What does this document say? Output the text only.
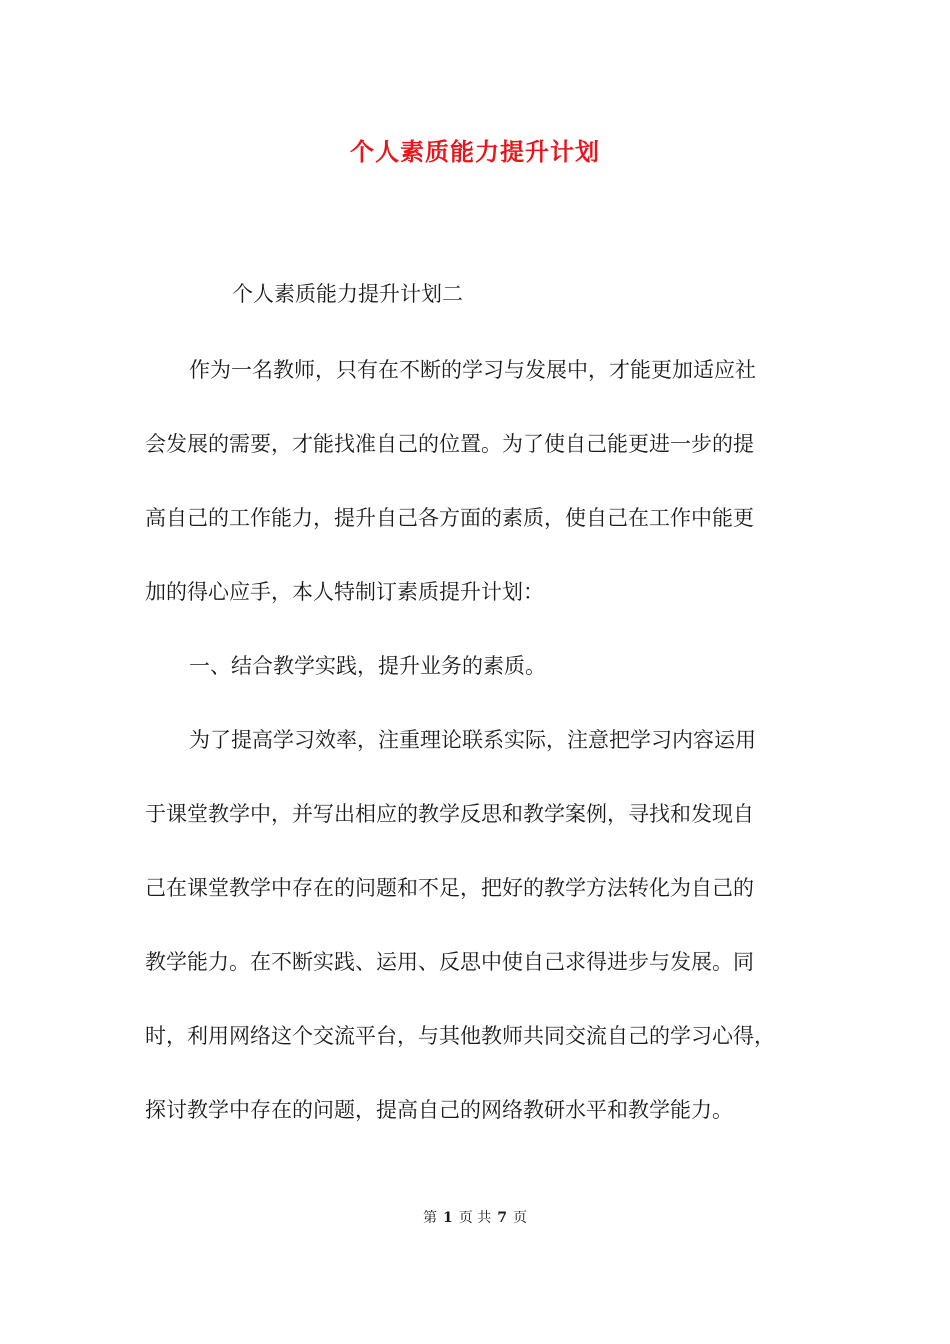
个人素质能力提升计划
个人素质能力提升计划二
作为一名教师，只有在不断的学习与发展中，才能更加适应社
会发展的需要，才能找准自己的位置。为了使自己能更进一步的提
高自己的工作能力，提升自己各方面的素质，使自己在工作中能更
加的得心应手，本人特制订素质提升计划：
一、结合教学实践，提升业务的素质。
为了提高学习效率，注重理论联系实际，注意把学习内容运用
于课堂教学中，并写出相应的教学反思和教学案例，寻找和发现自
己在课堂教学中存在的问题和不足，把好的教学方法转化为自己的
教学能力。在不断实践、运用、反思中使自己求得进步与发展。同
时，利用网络这个交流平台，与其他教师共同交流自己的学习心得，
探讨教学中存在的问题，提高自己的网络教研水平和教学能力。
第 1 页 共 7 页
